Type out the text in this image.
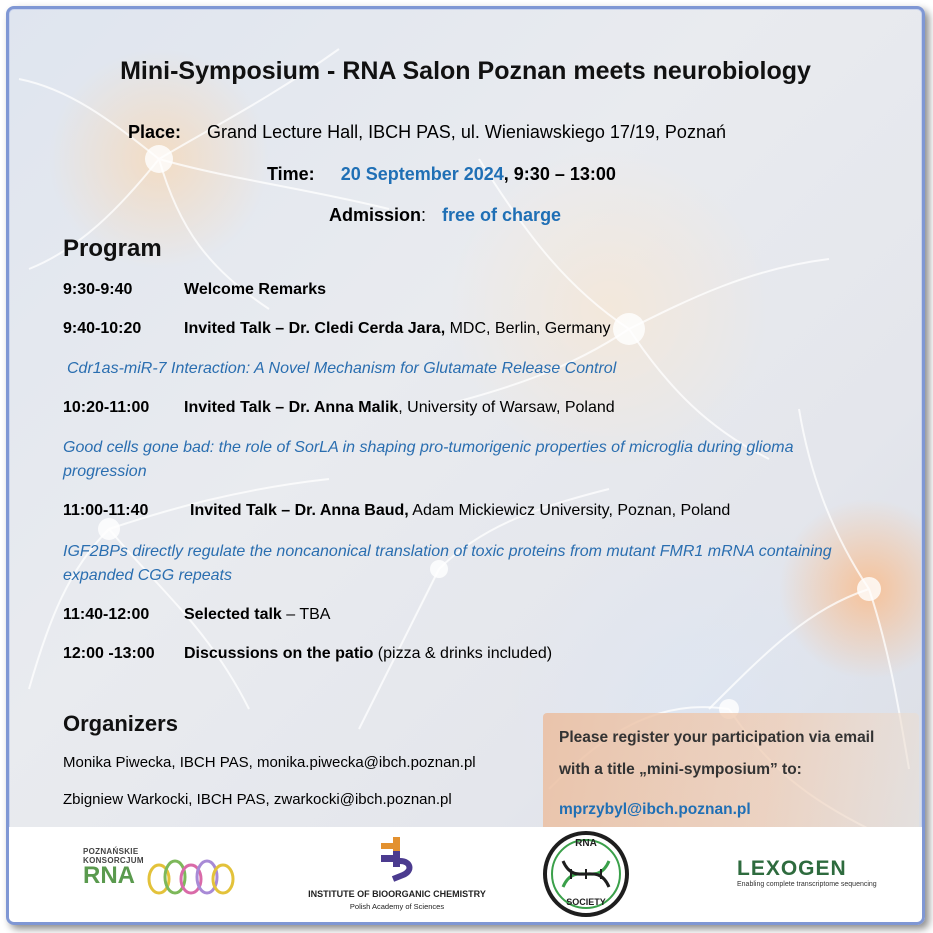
Mini-Symposium - RNA Salon Poznan meets neurobiology
Place: Grand Lecture Hall, IBCH PAS, ul. Wieniawskiego 17/19, Poznań
Time: 20 September 2024, 9:30 – 13:00
Admission: free of charge
Program
9:30-9:40	Welcome Remarks
9:40-10:20	Invited Talk – Dr. Cledi Cerda Jara, MDC, Berlin, Germany
Cdr1as-miR-7 Interaction: A Novel Mechanism for Glutamate Release Control
10:20-11:00 Invited Talk – Dr. Anna Malik, University of Warsaw, Poland
Good cells gone bad: the role of SorLA in shaping pro-tumorigenic properties of microglia during glioma progression
11:00-11:40	Invited Talk – Dr. Anna Baud, Adam Mickiewicz University, Poznan, Poland
IGF2BPs directly regulate the noncanonical translation of toxic proteins from mutant FMR1 mRNA containing expanded CGG repeats
11:40-12:00 Selected talk – TBA
12:00 -13:00 Discussions on the patio (pizza & drinks included)
Organizers
Monika Piwecka, IBCH PAS, monika.piwecka@ibch.poznan.pl
Zbigniew Warkocki, IBCH PAS, zwarkocki@ibch.poznan.pl
Please register your participation via email
with a title „mini-symposium” to:
mprzybyl@ibch.poznan.pl
POZNAŃSKIE
KONSORCJUM
RNA
INSTITUTE OF BIOORGANIC CHEMISTRY
Polish Academy of Sciences
RNA
SOCIETY
LEXOGEN
Enabling complete transcriptome sequencing
